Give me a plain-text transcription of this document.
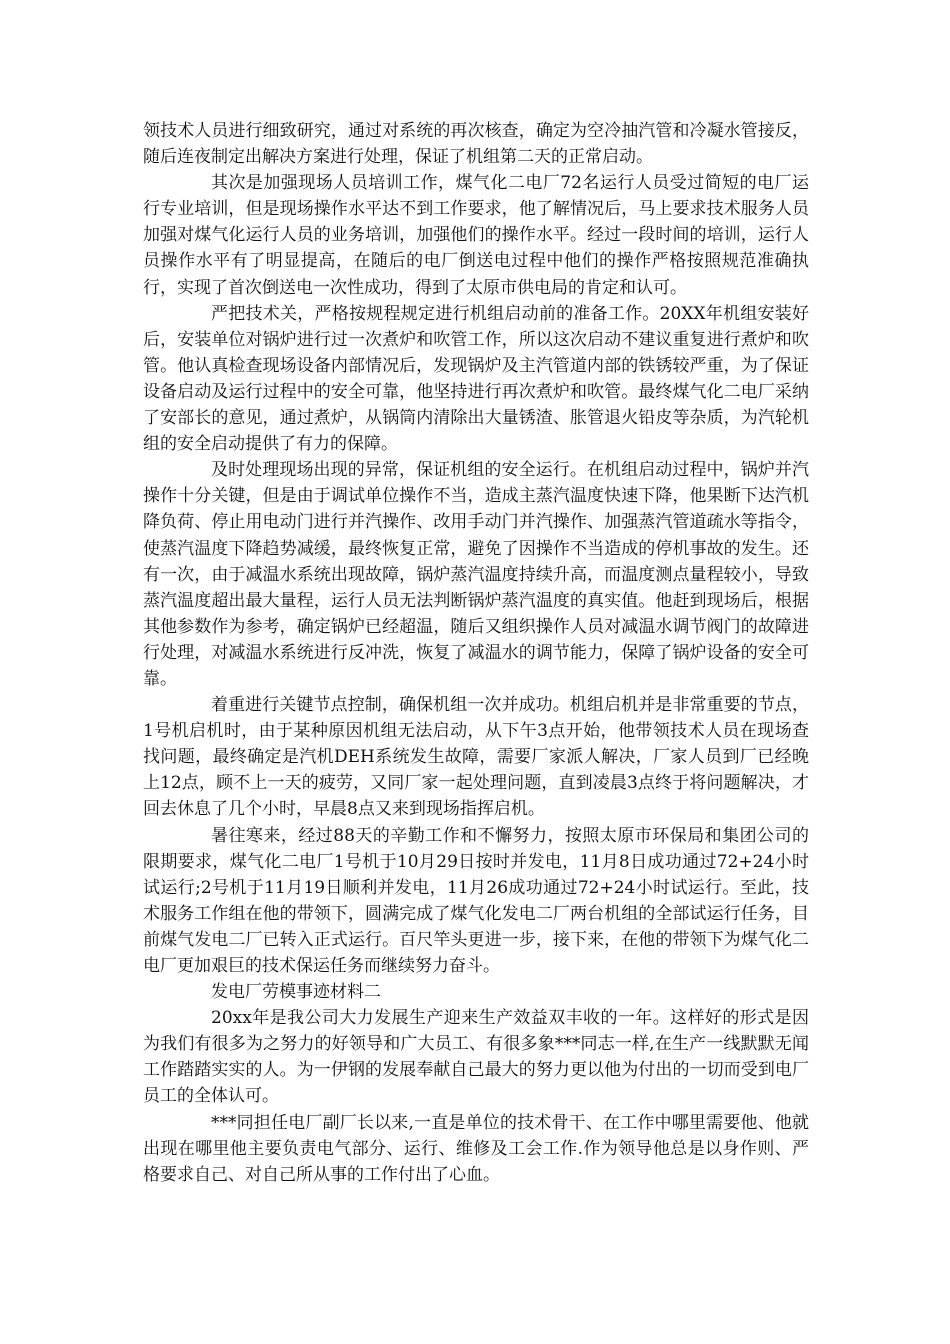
领技术人员进行细致研究，通过对系统的再次核查，确定为空冷抽汽管和冷凝水管接反，随后连夜制定出解决方案进行处理，保证了机组第二天的正常启动。

其次是加强现场人员培训工作，煤气化二电厂72名运行人员受过简短的电厂运行专业培训，但是现场操作水平达不到工作要求，他了解情况后，马上要求技术服务人员加强对煤气化运行人员的业务培训，加强他们的操作水平。经过一段时间的培训，运行人员操作水平有了明显提高，在随后的电厂倒送电过程中他们的操作严格按照规范准确执行，实现了首次倒送电一次性成功，得到了太原市供电局的肯定和认可。

严把技术关，严格按规程规定进行机组启动前的准备工作。20XX年机组安装好后，安装单位对锅炉进行过一次煮炉和吹管工作，所以这次启动不建议重复进行煮炉和吹管。他认真检查现场设备内部情况后，发现锅炉及主汽管道内部的铁锈较严重，为了保证设备启动及运行过程中的安全可靠，他坚持进行再次煮炉和吹管。最终煤气化二电厂采纳了安部长的意见，通过煮炉，从锅筒内清除出大量锈渣、胀管退火铅皮等杂质，为汽轮机组的安全启动提供了有力的保障。

及时处理现场出现的异常，保证机组的安全运行。在机组启动过程中，锅炉并汽操作十分关键，但是由于调试单位操作不当，造成主蒸汽温度快速下降，他果断下达汽机降负荷、停止用电动门进行并汽操作、改用手动门并汽操作、加强蒸汽管道疏水等指令，使蒸汽温度下降趋势减缓，最终恢复正常，避免了因操作不当造成的停机事故的发生。还有一次，由于减温水系统出现故障，锅炉蒸汽温度持续升高，而温度测点量程较小，导致蒸汽温度超出最大量程，运行人员无法判断锅炉蒸汽温度的真实值。他赶到现场后，根据其他参数作为参考，确定锅炉已经超温，随后又组织操作人员对减温水调节阀门的故障进行处理，对减温水系统进行反冲洗，恢复了减温水的调节能力，保障了锅炉设备的安全可靠。

着重进行关键节点控制，确保机组一次并成功。机组启机并是非常重要的节点，1号机启机时，由于某种原因机组无法启动，从下午3点开始，他带领技术人员在现场查找问题，最终确定是汽机DEH系统发生故障，需要厂家派人解决，厂家人员到厂已经晚上12点，顾不上一天的疲劳，又同厂家一起处理问题，直到凌晨3点终于将问题解决，才回去休息了几个小时，早晨8点又来到现场指挥启机。

暑往寒来，经过88天的辛勤工作和不懈努力，按照太原市环保局和集团公司的限期要求，煤气化二电厂1号机于10月29日按时并发电，11月8日成功通过72+24小时试运行;2号机于11月19日顺利并发电，11月26成功通过72+24小时试运行。至此，技术服务工作组在他的带领下，圆满完成了煤气化发电二厂两台机组的全部试运行任务，目前煤气发电二厂已转入正式运行。百尺竿头更进一步，接下来，在他的带领下为煤气化二电厂更加艰巨的技术保运任务而继续努力奋斗。

发电厂劳模事迹材料二

20xx年是我公司大力发展生产迎来生产效益双丰收的一年。这样好的形式是因为我们有很多为之努力的好领导和广大员工、有很多象***同志一样,在生产一线默默无闻工作踏踏实实的人。为一伊钢的发展奉献自己最大的努力更以他为付出的一切而受到电厂员工的全体认可。

***同担任电厂副厂长以来,一直是单位的技术骨干、在工作中哪里需要他、他就出现在哪里他主要负责电气部分、运行、维修及工会工作.作为领导他总是以身作则、严格要求自己、对自己所从事的工作付出了心血。
